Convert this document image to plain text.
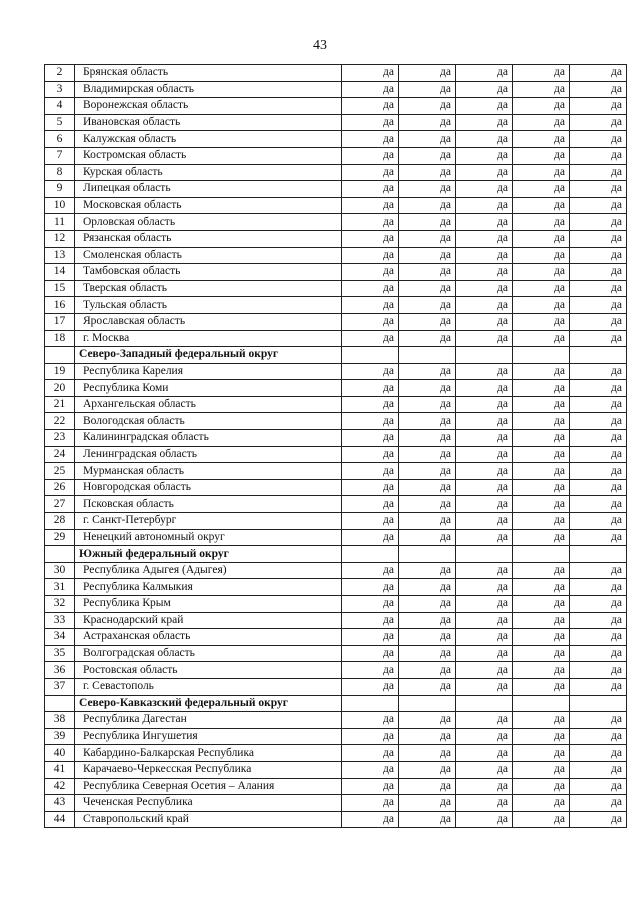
43
2	Брянская область	да	да	да	да	да
3	Владимирская область	да	да	да	да	да
4	Воронежская область	да	да	да	да	да
5	Ивановская область	да	да	да	да	да
6	Калужская область	да	да	да	да	да
7	Костромская область	да	да	да	да	да
8	Курская область	да	да	да	да	да
9	Липецкая область	да	да	да	да	да
10	Московская область	да	да	да	да	да
11	Орловская область	да	да	да	да	да
12	Рязанская область	да	да	да	да	да
13	Смоленская область	да	да	да	да	да
14	Тамбовская область	да	да	да	да	да
15	Тверская область	да	да	да	да	да
16	Тульская область	да	да	да	да	да
17	Ярославская область	да	да	да	да	да
18	г. Москва	да	да	да	да	да
	Северо-Западный федеральный округ					
19	Республика Карелия	да	да	да	да	да
20	Республика Коми	да	да	да	да	да
21	Архангельская область	да	да	да	да	да
22	Вологодская область	да	да	да	да	да
23	Калининградская область	да	да	да	да	да
24	Ленинградская область	да	да	да	да	да
25	Мурманская область	да	да	да	да	да
26	Новгородская область	да	да	да	да	да
27	Псковская область	да	да	да	да	да
28	г. Санкт-Петербург	да	да	да	да	да
29	Ненецкий автономный округ	да	да	да	да	да
	Южный федеральный округ					
30	Республика Адыгея (Адыгея)	да	да	да	да	да
31	Республика Калмыкия	да	да	да	да	да
32	Республика Крым	да	да	да	да	да
33	Краснодарский край	да	да	да	да	да
34	Астраханская область	да	да	да	да	да
35	Волгоградская область	да	да	да	да	да
36	Ростовская область	да	да	да	да	да
37	г. Севастополь	да	да	да	да	да
	Северо-Кавказский федеральный округ					
38	Республика Дагестан	да	да	да	да	да
39	Республика Ингушетия	да	да	да	да	да
40	Кабардино-Балкарская Республика	да	да	да	да	да
41	Карачаево-Черкесская Республика	да	да	да	да	да
42	Республика Северная Осетия – Алания	да	да	да	да	да
43	Чеченская Республика	да	да	да	да	да
44	Ставропольский край	да	да	да	да	да
